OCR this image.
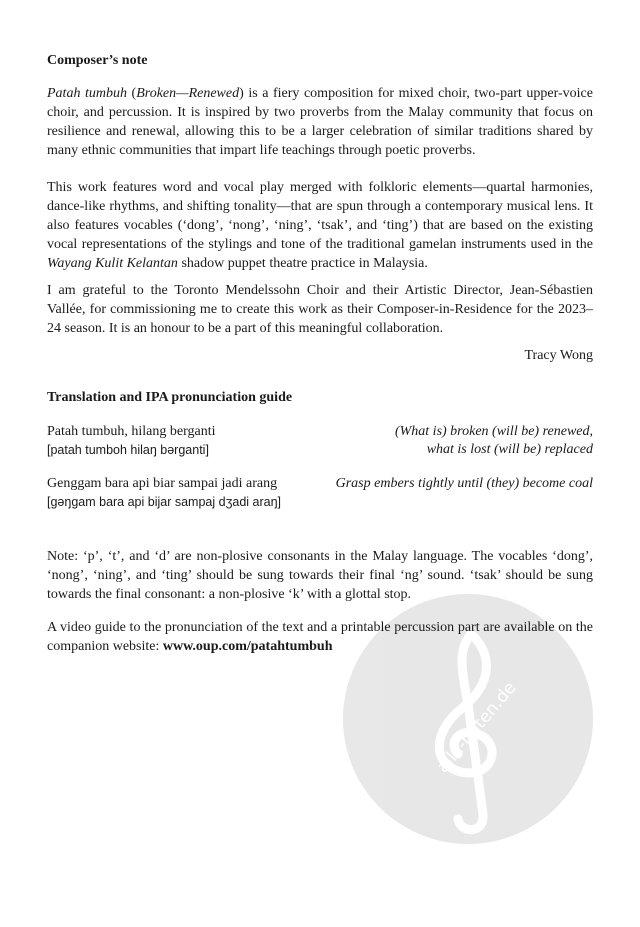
alle-noten.de
Composer’s note
Patah tumbuh (Broken—Renewed) is a fiery composition for mixed choir, two-part upper-voice choir, and percussion. It is inspired by two proverbs from the Malay community that focus on resilience and renewal, allowing this to be a larger celebration of similar traditions shared by many ethnic communities that impart life teachings through poetic proverbs.
This work features word and vocal play merged with folkloric elements—quartal harmonies, dance-like rhythms, and shifting tonality—that are spun through a contemporary musical lens. It also features vocables (‘dong’, ‘nong’, ‘ning’, ‘tsak’, and ‘ting’) that are based on the existing vocal representations of the stylings and tone of the traditional gamelan instruments used in the Wayang Kulit Kelantan shadow puppet theatre practice in Malaysia.
I am grateful to the Toronto Mendelssohn Choir and their Artistic Director, Jean-Sébastien Vallée, for commissioning me to create this work as their Composer-in-Residence for the 2023–24 season. It is an honour to be a part of this meaningful collaboration.
Tracy Wong
Translation and IPA pronunciation guide
Patah tumbuh, hilang berganti
[patah tumboh hilaŋ bərganti]
(What is) broken (will be) renewed,
what is lost (will be) replaced
Genggam bara api biar sampai jadi arang
[gəŋgam bara api bijar sampaj dʒadi araŋ]
Grasp embers tightly until (they) become coal
Note: ‘p’, ‘t’, and ‘d’ are non-plosive consonants in the Malay language. The vocables ‘dong’, ‘nong’, ‘ning’, and ‘ting’ should be sung towards their final ‘ng’ sound. ‘tsak’ should be sung towards the final consonant: a non-plosive ‘k’ with a glottal stop.
A video guide to the pronunciation of the text and a printable percussion part are available on the companion website: www.oup.com/patahtumbuh
